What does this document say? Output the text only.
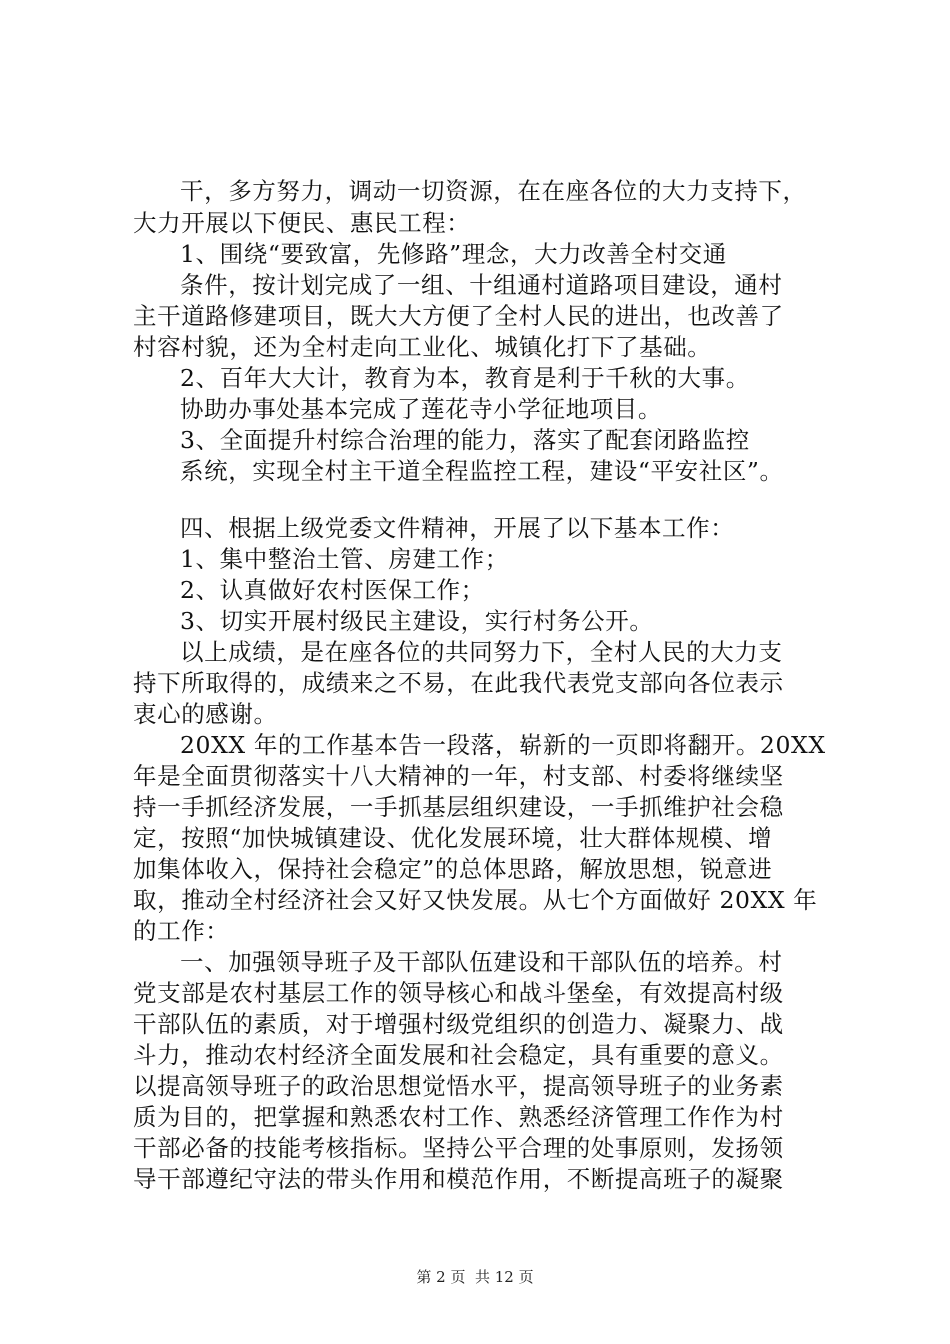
干，多方努力，调动一切资源，在在座各位的大力支持下，
大力开展以下便民、惠民工程：
1、围绕“要致富，先修路”理念，大力改善全村交通
条件，按计划完成了一组、十组通村道路项目建设，通村
主干道路修建项目，既大大方便了全村人民的进出，也改善了
村容村貌，还为全村走向工业化、城镇化打下了基础。
2、百年大大计，教育为本，教育是利于千秋的大事。
协助办事处基本完成了莲花寺小学征地项目。
3、全面提升村综合治理的能力，落实了配套闭路监控
系统，实现全村主干道全程监控工程，建设“平安社区”。
四、根据上级党委文件精神，开展了以下基本工作：
1、集中整治土管、房建工作；
2、认真做好农村医保工作；
3、切实开展村级民主建设，实行村务公开。
以上成绩，是在座各位的共同努力下，全村人民的大力支
持下所取得的，成绩来之不易，在此我代表党支部向各位表示
衷心的感谢。
20XX 年的工作基本告一段落，崭新的一页即将翻开。20XX
年是全面贯彻落实十八大精神的一年，村支部、村委将继续坚
持一手抓经济发展，一手抓基层组织建设，一手抓维护社会稳
定，按照“加快城镇建设、优化发展环境，壮大群体规模、增
加集体收入，保持社会稳定”的总体思路，解放思想，锐意进
取，推动全村经济社会又好又快发展。从七个方面做好 20XX 年
的工作：
一、加强领导班子及干部队伍建设和干部队伍的培养。村
党支部是农村基层工作的领导核心和战斗堡垒，有效提高村级
干部队伍的素质，对于增强村级党组织的创造力、凝聚力、战
斗力，推动农村经济全面发展和社会稳定，具有重要的意义。
以提高领导班子的政治思想觉悟水平，提高领导班子的业务素
质为目的，把掌握和熟悉农村工作、熟悉经济管理工作作为村
干部必备的技能考核指标。坚持公平合理的处事原则，发扬领
导干部遵纪守法的带头作用和模范作用，不断提高班子的凝聚
第 2 页  共 12 页
